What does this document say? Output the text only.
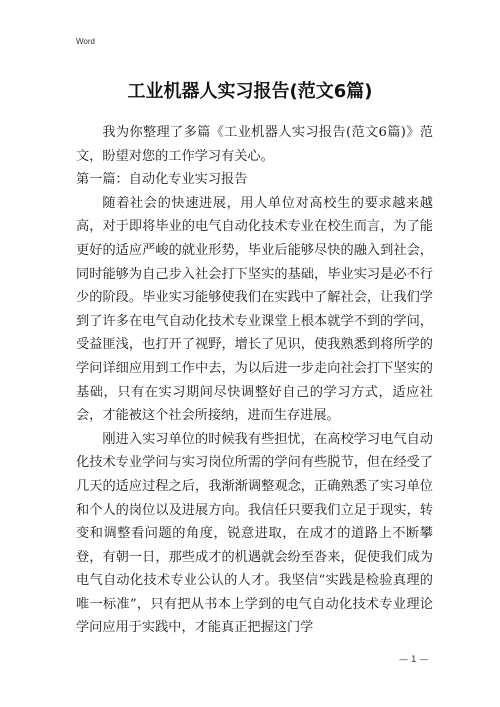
Word
工业机器人实习报告(范文6篇)

我为你整理了多篇《工业机器人实习报告(范文6篇)》范文，盼望对您的工作学习有关心。

第一篇：自动化专业实习报告

随着社会的快速进展，用人单位对高校生的要求越来越高，对于即将毕业的电气自动化技术专业在校生而言，为了能更好的适应严峻的就业形势，毕业后能够尽快的融入到社会，同时能够为自己步入社会打下坚实的基础，毕业实习是必不行少的阶段。毕业实习能够使我们在实践中了解社会，让我们学到了许多在电气自动化技术专业课堂上根本就学不到的学问，受益匪浅，也打开了视野，增长了见识，使我熟悉到将所学的学问详细应用到工作中去，为以后进一步走向社会打下坚实的基础，只有在实习期间尽快调整好自己的学习方式，适应社会，才能被这个社会所接纳，进而生存进展。

刚进入实习单位的时候我有些担忧，在高校学习电气自动化技术专业学问与实习岗位所需的学问有些脱节，但在经受了几天的适应过程之后，我渐渐调整观念，正确熟悉了实习单位和个人的岗位以及进展方向。我信任只要我们立足于现实，转变和调整看问题的角度，锐意进取，在成才的道路上不断攀登，有朝一日，那些成才的机遇就会纷至沓来，促使我们成为电气自动化技术专业公认的人才。我坚信“实践是检验真理的唯一标准”，只有把从书本上学到的电气自动化技术专业理论学问应用于实践中，才能真正把握这门学

— 1 —
